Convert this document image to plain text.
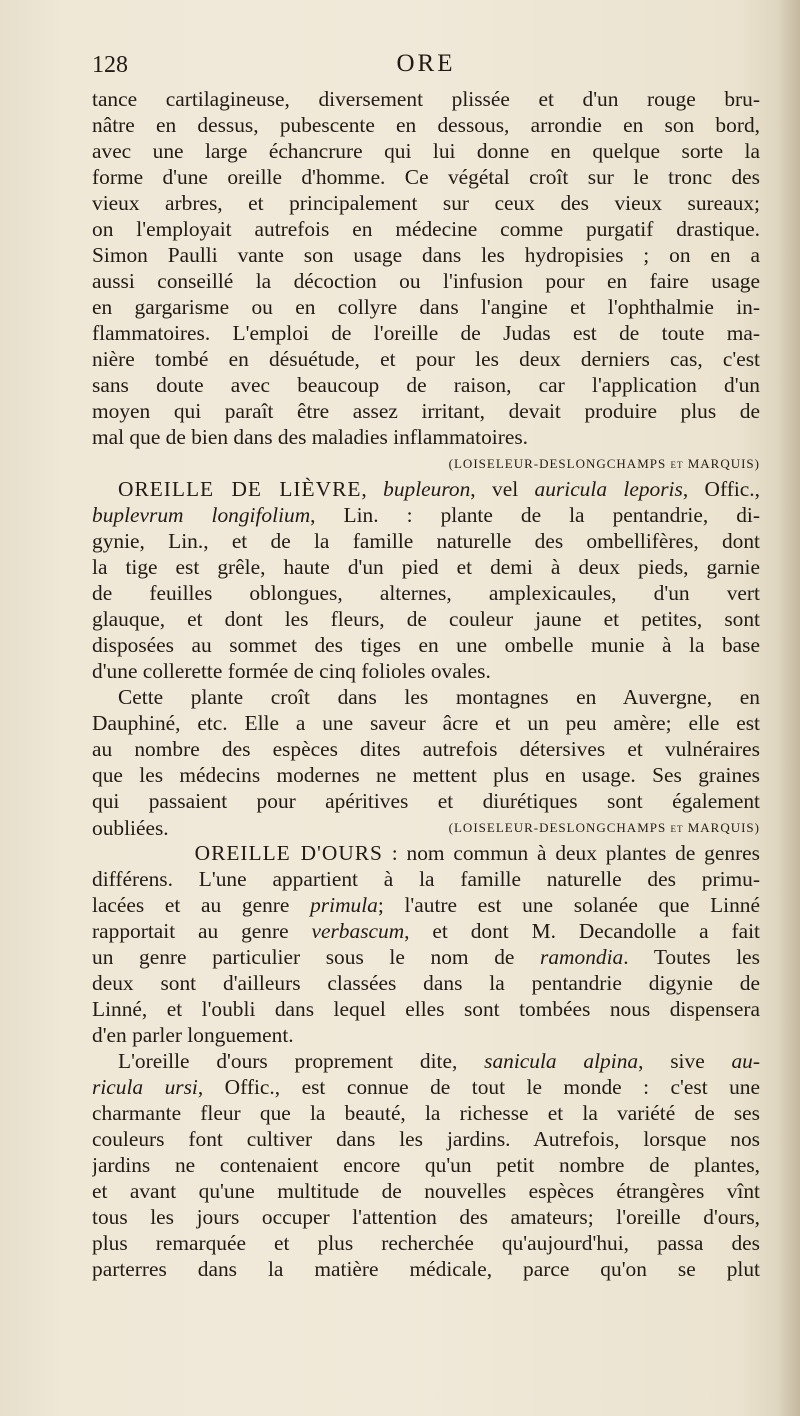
128	ORE
tance cartilagineuse, diversement plissée et d'un rouge bru-
nâtre en dessus, pubescente en dessous, arrondie en son bord,
avec une large échancrure qui lui donne en quelque sorte la
forme d'une oreille d'homme. Ce végétal croît sur le tronc des
vieux arbres, et principalement sur ceux des vieux sureaux;
on l'employait autrefois en médecine comme purgatif drastique.
Simon Paulli vante son usage dans les hydropisies ; on en a
aussi conseillé la décoction ou l'infusion pour en faire usage
en gargarisme ou en collyre dans l'angine et l'ophthalmie in-
flammatoires. L'emploi de l'oreille de Judas est de toute ma-
nière tombé en désuétude, et pour les deux derniers cas, c'est
sans doute avec beaucoup de raison, car l'application d'un
moyen qui paraît être assez irritant, devait produire plus de
mal que de bien dans des maladies inflammatoires.
(LOISELEUR-DESLONGCHAMPS et MARQUIS)
OREILLE DE LIÈVRE, bupleuron, vel auricula leporis, Offic.,
buplevrum longifolium, Lin. : plante de la pentandrie, di-
gynie, Lin., et de la famille naturelle des ombellifères, dont
la tige est grêle, haute d'un pied et demi à deux pieds, garnie
de feuilles oblongues, alternes, amplexicaules, d'un vert
glauque, et dont les fleurs, de couleur jaune et petites, sont
disposées au sommet des tiges en une ombelle munie à la base
d'une collerette formée de cinq folioles ovales.
Cette plante croît dans les montagnes en Auvergne, en
Dauphiné, etc. Elle a une saveur âcre et un peu amère; elle est
au nombre des espèces dites autrefois détersives et vulnéraires
que les médecins modernes ne mettent plus en usage. Ses graines
qui passaient pour apéritives et diurétiques sont également
oubliées.	(LOISELEUR-DESLONGCHAMPS et MARQUIS)
OREILLE D'OURS : nom commun à deux plantes de genres
différens. L'une appartient à la famille naturelle des primu-
lacées et au genre primula; l'autre est une solanée que Linné
rapportait au genre verbascum, et dont M. Decandolle a fait
un genre particulier sous le nom de ramondia. Toutes les
deux sont d'ailleurs classées dans la pentandrie digynie de
Linné, et l'oubli dans lequel elles sont tombées nous dispensera
d'en parler longuement.
L'oreille d'ours proprement dite, sanicula alpina, sive au-
ricula ursi, Offic., est connue de tout le monde : c'est une
charmante fleur que la beauté, la richesse et la variété de ses
couleurs font cultiver dans les jardins. Autrefois, lorsque nos
jardins ne contenaient encore qu'un petit nombre de plantes,
et avant qu'une multitude de nouvelles espèces étrangères vînt
tous les jours occuper l'attention des amateurs; l'oreille d'ours,
plus remarquée et plus recherchée qu'aujourd'hui, passa des
parterres dans la matière médicale, parce qu'on se plut
